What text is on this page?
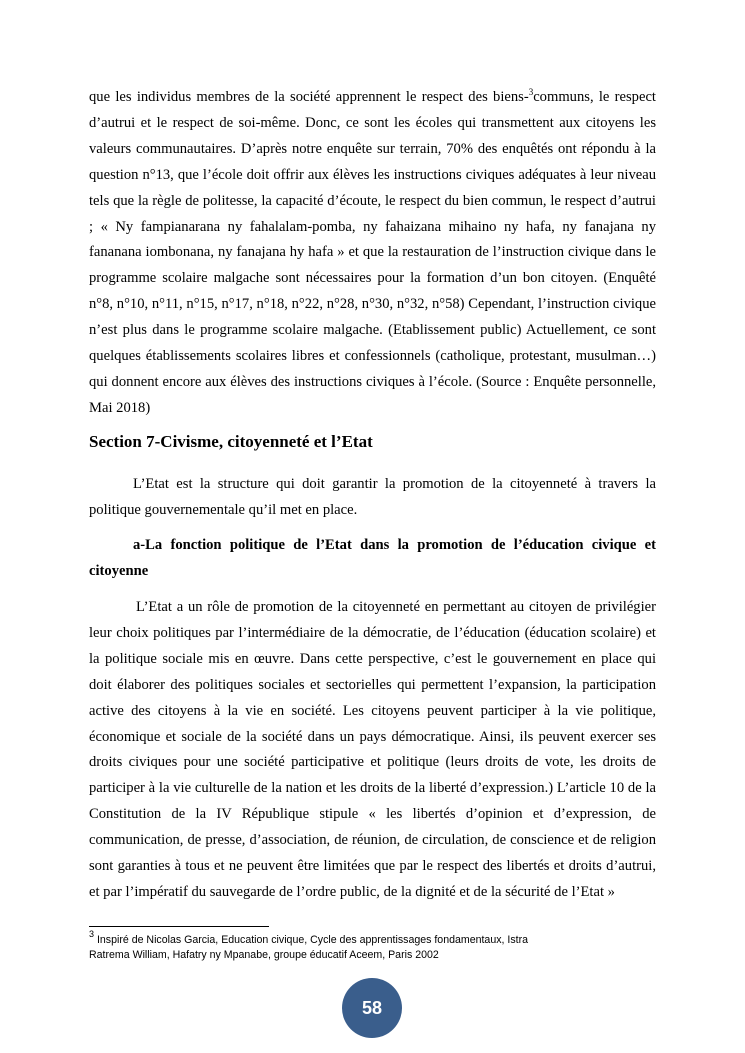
que les individus membres de la société apprennent le respect des biens-$^3$communs, le respect d’autrui et le respect de soi-même. Donc, ce sont les écoles qui transmettent aux citoyens les valeurs communautaires. D’après notre enquête sur terrain, 70% des enquêtés ont répondu à la question n°13, que l’école doit offrir aux élèves les instructions civiques adéquates à leur niveau tels que la règle de politesse, la capacité d’écoute, le respect du bien commun, le respect d’autrui ; « Ny fampianarana ny fahalalam-pomba, ny fahaizana mihaino ny hafa, ny fanajana ny fananana iombonana, ny fanajana hy hafa » et que la restauration de l’instruction civique dans le programme scolaire malgache sont nécessaires pour la formation d’un bon citoyen. (Enquêté n°8, n°10, n°11, n°15, n°17, n°18, n°22, n°28, n°30, n°32, n°58) Cependant, l’instruction civique n’est plus dans le programme scolaire malgache. (Etablissement public) Actuellement, ce sont quelques établissements scolaires libres et confessionnels (catholique, protestant, musulman…) qui donnent encore aux élèves des instructions civiques à l’école. (Source : Enquête personnelle, Mai 2018)

Section 7-Civisme, citoyenneté et l’Etat

L’Etat est la structure qui doit garantir la promotion de la citoyenneté à travers la politique gouvernementale qu’il met en place.

a-La fonction politique de l’Etat dans la promotion de l’éducation civique et citoyenne

L’Etat a un rôle de promotion de la citoyenneté en permettant au citoyen de privilégier leur choix politiques par l’intermédiaire de la démocratie, de l’éducation (éducation scolaire) et la politique sociale mis en œuvre. Dans cette perspective, c’est le gouvernement en place qui doit élaborer des politiques sociales et sectorielles qui permettent l’expansion, la participation active des citoyens à la vie en société. Les citoyens peuvent participer à la vie politique, économique et sociale de la société dans un pays démocratique. Ainsi, ils peuvent exercer ses droits civiques pour une société participative et politique (leurs droits de vote, les droits de participer à la vie culturelle de la nation et les droits de la liberté d’expression.) L’article 10 de la Constitution de la IV République stipule « les libertés d’opinion et d’expression, de communication, de presse, d’association, de réunion, de circulation, de conscience et de religion sont garanties à tous et ne peuvent être limitées que par le respect des libertés et droits d’autrui, et par l’impératif du sauvegarde de l’ordre public, de la dignité et de la sécurité de l’Etat »

$^3$ Inspiré de Nicolas Garcia, Education civique, Cycle des apprentissages fondamentaux, Istra
Ratrema William, Hafatry ny Mpanabe, groupe éducatif Aceem, Paris 2002
58
